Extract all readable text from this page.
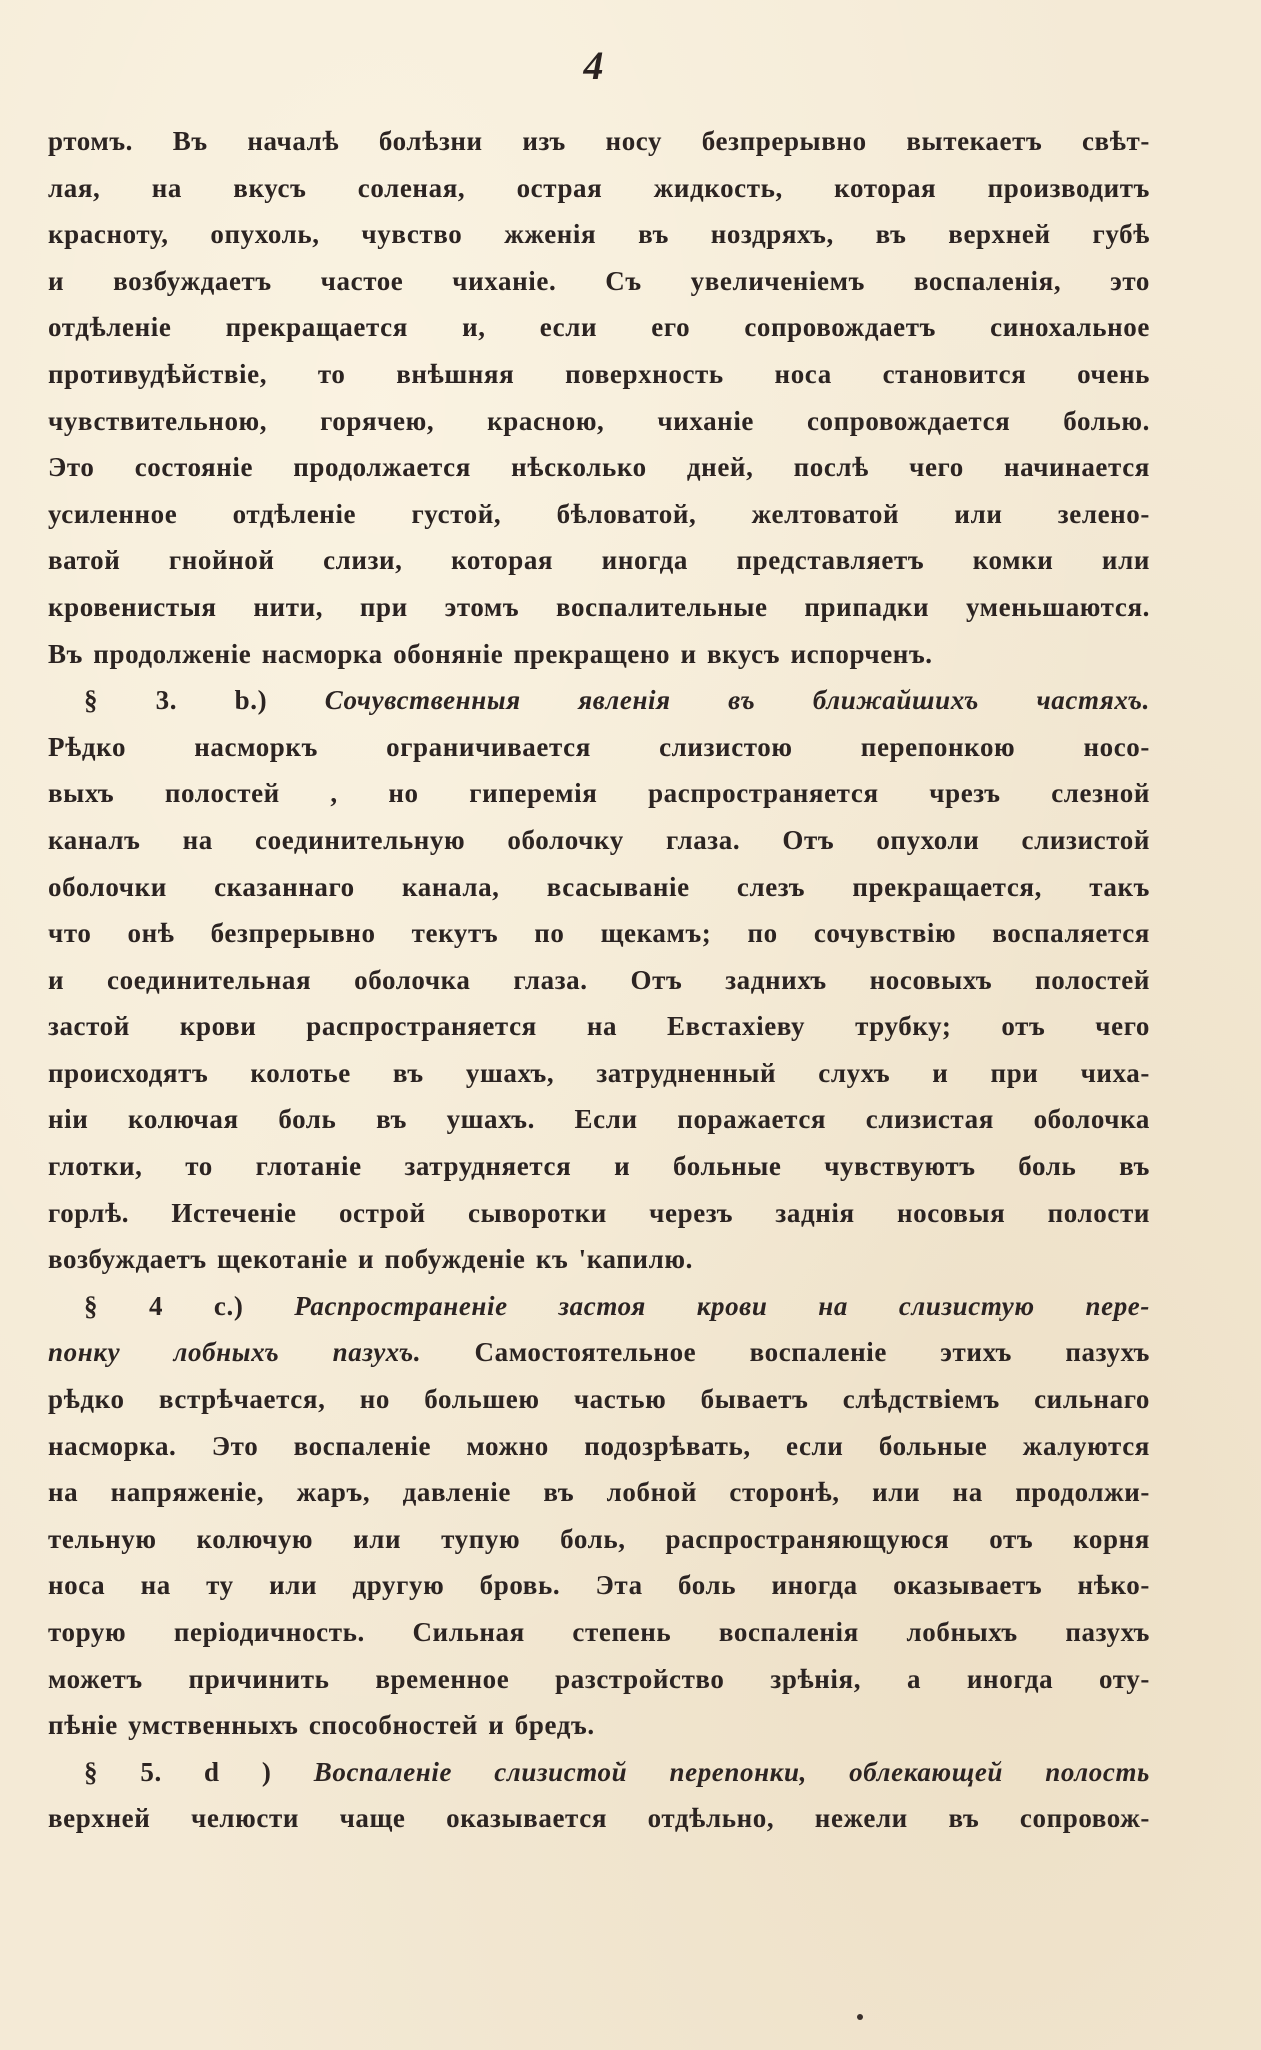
4
ртомъ. Въ началѣ болѣзни изъ носу безпрерывно вытекаетъ свѣт-
лая, на вкусъ соленая, острая жидкость, которая производитъ
красноту, опухоль, чувство жженія въ ноздряхъ, въ верхней губѣ
и возбуждаетъ частое чиханіе. Съ увеличеніемъ воспаленія, это
отдѣленіе прекращается и, если его сопровождаетъ синохальное
противудѣйствіе, то внѣшняя поверхность носа становится очень
чувствительною, горячею, красною, чиханіе сопровождается болью.
Это состояніе продолжается нѣсколько дней, послѣ чего начинается
усиленное отдѣленіе густой, бѣловатой, желтоватой или зелено-
ватой гнойной слизи, которая иногда представляетъ комки или
кровенистыя нити, при этомъ воспалительные припадки уменьшаются.
Въ продолженіе насморка обоняніе прекращено и вкусъ испорченъ.
§ 3. b.) Сочувственныя явленія въ ближайшихъ частяхъ.
Рѣдко насморкъ ограничивается слизистою перепонкою носо-
выхъ полостей , но гиперемія распространяется чрезъ слезной
каналъ на соединительную оболочку глаза. Отъ опухоли слизистой
оболочки сказаннаго канала, всасываніе слезъ прекращается, такъ
что онѣ безпрерывно текутъ по щекамъ; по сочувствію воспаляется
и соединительная оболочка глаза. Отъ заднихъ носовыхъ полостей
застой крови распространяется на Евстахіеву трубку; отъ чего
происходятъ колотье въ ушахъ, затрудненный слухъ и при чиха-
ніи колючая боль въ ушахъ. Если поражается слизистая оболочка
глотки, то глотаніе затрудняется и больные чувствуютъ боль въ
горлѣ. Истеченіе острой сыворотки черезъ заднія носовыя полости
возбуждаетъ щекотаніе и побужденіе къ 'капилю.
§ 4 c.) Распространеніе застоя крови на слизистую пере-
понку лобныхъ пазухъ. Самостоятельное воспаленіе этихъ пазухъ
рѣдко встрѣчается, но большею частью бываетъ слѣдствіемъ сильнаго
насморка. Это воспаленіе можно подозрѣвать, если больные жалуются
на напряженіе, жаръ, давленіе въ лобной сторонѣ, или на продолжи-
тельную колючую или тупую боль, распространяющуюся отъ корня
носа на ту или другую бровь. Эта боль иногда оказываетъ нѣко-
торую періодичность. Сильная степень воспаленія лобныхъ пазухъ
можетъ причинить временное разстройство зрѣнія, а иногда оту-
пѣніе умственныхъ способностей и бредъ.
§ 5. d ) Воспаленіе слизистой перепонки, облекающей полость
верхней челюсти чаще оказывается отдѣльно, нежели въ сопровож-
